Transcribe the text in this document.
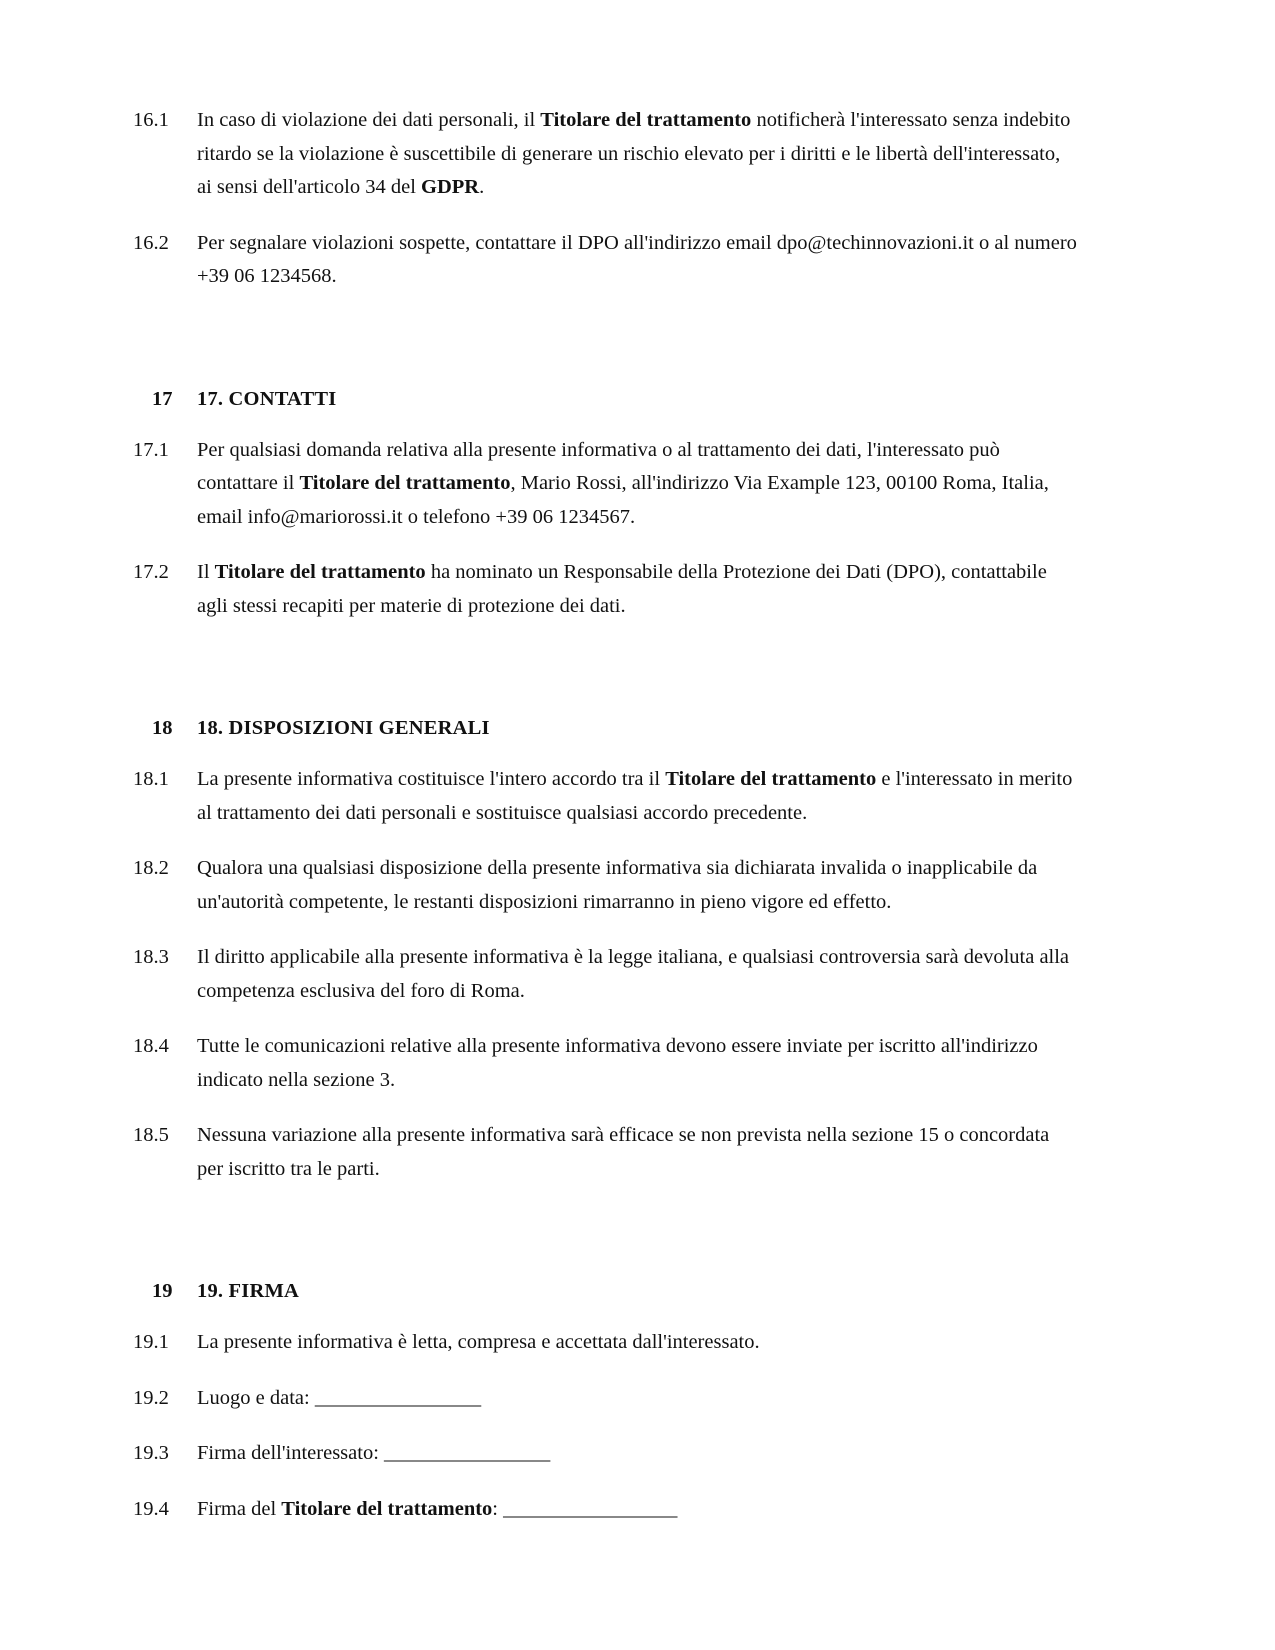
16.1	In caso di violazione dei dati personali, il Titolare del trattamento notificherà l'interessato senza indebito ritardo se la violazione è suscettibile di generare un rischio elevato per i diritti e le libertà dell'interessato, ai sensi dell'articolo 34 del GDPR.
16.2	Per segnalare violazioni sospette, contattare il DPO all'indirizzo email dpo@techinnovazioni.it o al numero +39 06 1234568.
17	17. CONTATTI
17.1	Per qualsiasi domanda relativa alla presente informativa o al trattamento dei dati, l'interessato può contattare il Titolare del trattamento, Mario Rossi, all'indirizzo Via Example 123, 00100 Roma, Italia, email info@mariorossi.it o telefono +39 06 1234567.
17.2	Il Titolare del trattamento ha nominato un Responsabile della Protezione dei Dati (DPO), contattabile agli stessi recapiti per materie di protezione dei dati.
18	18. DISPOSIZIONI GENERALI
18.1	La presente informativa costituisce l'intero accordo tra il Titolare del trattamento e l'interessato in merito al trattamento dei dati personali e sostituisce qualsiasi accordo precedente.
18.2	Qualora una qualsiasi disposizione della presente informativa sia dichiarata invalida o inapplicabile da un'autorità competente, le restanti disposizioni rimarranno in pieno vigore ed effetto.
18.3	Il diritto applicabile alla presente informativa è la legge italiana, e qualsiasi controversia sarà devoluta alla competenza esclusiva del foro di Roma.
18.4	Tutte le comunicazioni relative alla presente informativa devono essere inviate per iscritto all'indirizzo indicato nella sezione 3.
18.5	Nessuna variazione alla presente informativa sarà efficace se non prevista nella sezione 15 o concordata per iscritto tra le parti.
19	19. FIRMA
19.1	La presente informativa è letta, compresa e accettata dall'interessato.
19.2	Luogo e data: _________________
19.3	Firma dell'interessato: _________________
19.4	Firma del Titolare del trattamento: _________________
